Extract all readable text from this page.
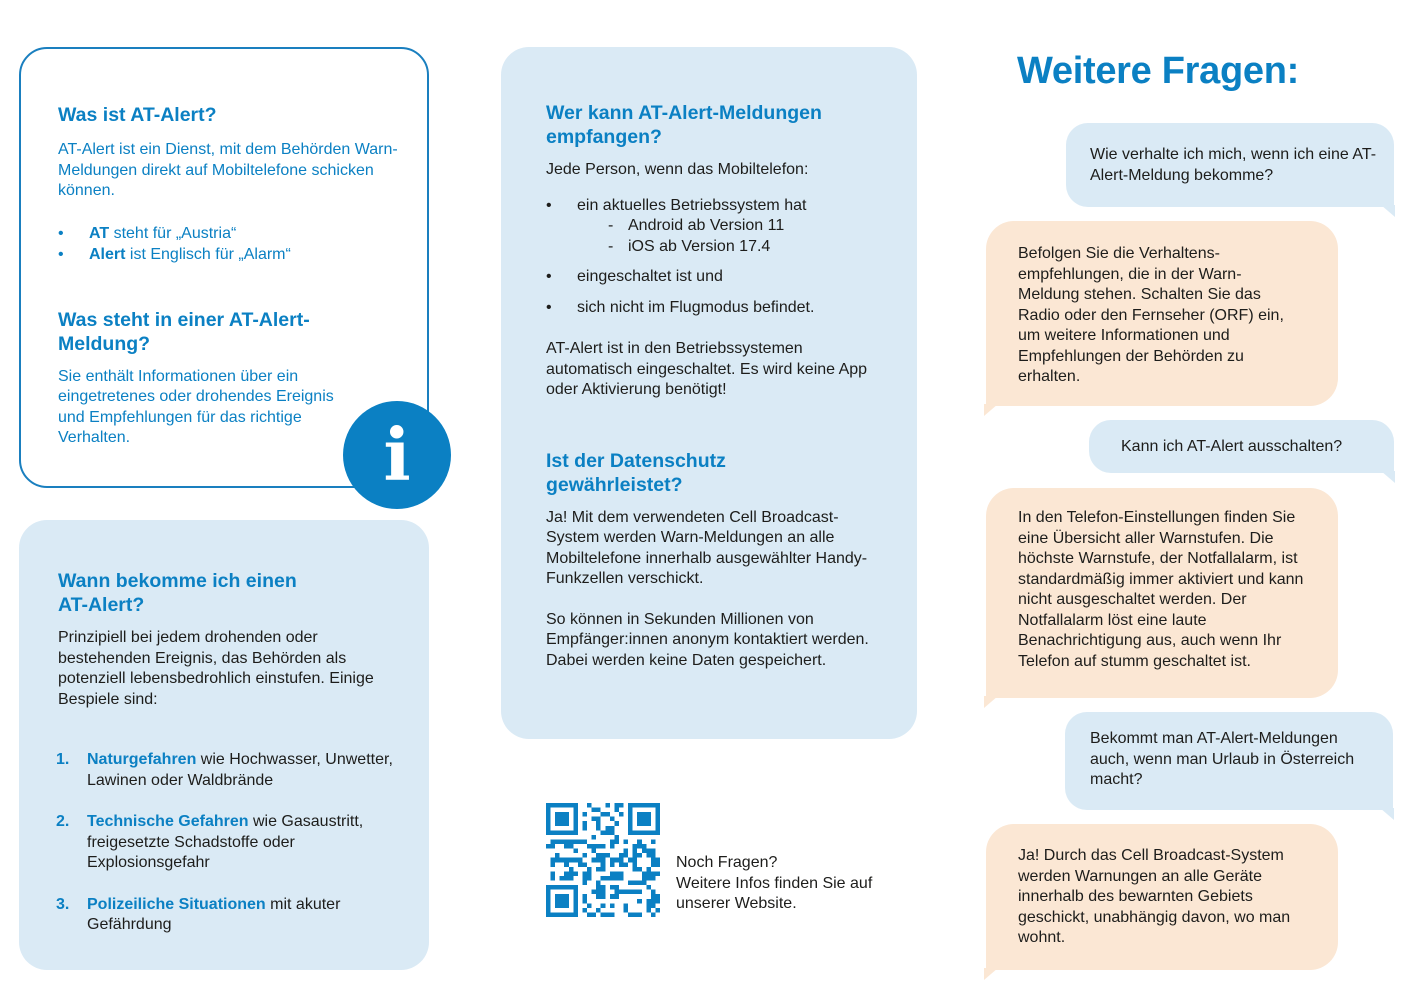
Was ist AT-Alert?

AT-Alert ist ein Dienst, mit dem Behörden Warn-Meldungen direkt auf Mobiltelefone schicken können.

• AT steht für „Austria“
• Alert ist Englisch für „Alarm“
Was steht in einer AT-Alert-Meldung?

Sie enthält Informationen über ein eingetretenes oder drohendes Ereignis und Empfehlungen für das richtige Verhalten.	i
Wann bekomme ich einen AT-Alert?

Prinzipiell bei jedem drohenden oder bestehenden Ereignis, das Behörden als potenziell lebensbedrohlich einstufen. Einige Bespiele sind:

1. Naturgefahren wie Hochwasser, Unwetter, Lawinen oder Waldbrände
2. Technische Gefahren wie Gasaustritt, freigesetzte Schadstoffe oder Explosionsgefahr
3. Polizeiliche Situationen mit akuter Gefährdung
Wer kann AT-Alert-Meldungen empfangen?

Jede Person, wenn das Mobiltelefon:

• ein aktuelles Betriebssystem hat
- Android ab Version 11
- iOS ab Version 17.4
• eingeschaltet ist und
• sich nicht im Flugmodus befindet.

AT-Alert ist in den Betriebssystemen automatisch eingeschaltet. Es wird keine App oder Aktivierung benötigt!

Ist der Datenschutz gewährleistet?

Ja! Mit dem verwendeten Cell Broadcast-System werden Warn-Meldungen an alle Mobiltelefone innerhalb ausgewählter Handy-Funkzellen verschickt.

So können in Sekunden Millionen von Empfänger:innen anonym kontaktiert werden. Dabei werden keine Daten gespeichert.

Noch Fragen?
Weitere Infos finden Sie auf unserer Website.
Weitere Fragen:
Wie verhalte ich mich, wenn ich eine AT-Alert-Meldung bekomme?
Befolgen Sie die Verhaltens-empfehlungen, die in der Warn-Meldung stehen. Schalten Sie das Radio oder den Fernseher (ORF) ein, um weitere Informationen und Empfehlungen der Behörden zu erhalten.
Kann ich AT-Alert ausschalten?
In den Telefon-Einstellungen finden Sie eine Übersicht aller Warnstufen. Die höchste Warnstufe, der Notfallalarm, ist standardmäßig immer aktiviert und kann nicht ausgeschaltet werden. Der Notfallalarm löst eine laute Benachrichtigung aus, auch wenn Ihr Telefon auf stumm geschaltet ist.
Bekommt man AT-Alert-Meldungen auch, wenn man Urlaub in Österreich macht?
Ja! Durch das Cell Broadcast-System werden Warnungen an alle Geräte innerhalb des bewarnten Gebiets geschickt, unabhängig davon, wo man wohnt.
